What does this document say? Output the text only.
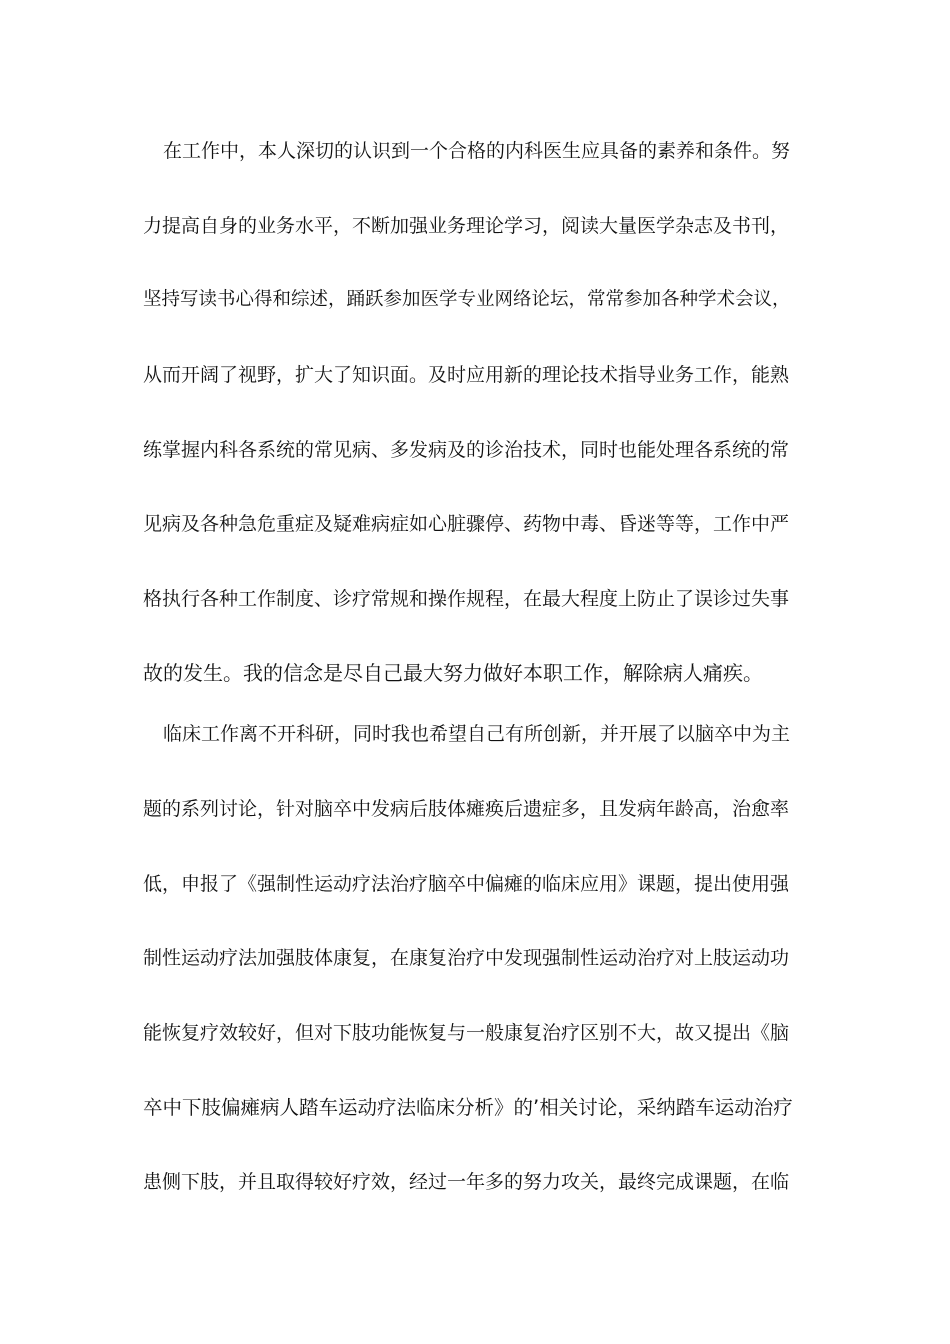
在工作中，本人深切的认识到一个合格的内科医生应具备的素养和条件。努
力提高自身的业务水平，不断加强业务理论学习，阅读大量医学杂志及书刊，
坚持写读书心得和综述，踊跃参加医学专业网络论坛，常常参加各种学术会议，
从而开阔了视野，扩大了知识面。及时应用新的理论技术指导业务工作，能熟
练掌握内科各系统的常见病、多发病及的诊治技术，同时也能处理各系统的常
见病及各种急危重症及疑难病症如心脏骤停、药物中毒、昏迷等等，工作中严
格执行各种工作制度、诊疗常规和操作规程，在最大程度上防止了误诊过失事
故的发生。我的信念是尽自己最大努力做好本职工作，解除病人痛疾。
临床工作离不开科研，同时我也希望自己有所创新，并开展了以脑卒中为主
题的系列讨论，针对脑卒中发病后肢体瘫痪后遗症多，且发病年龄高，治愈率
低，申报了《强制性运动疗法治疗脑卒中偏瘫的临床应用》课题，提出使用强
制性运动疗法加强肢体康复，在康复治疗中发现强制性运动治疗对上肢运动功
能恢复疗效较好，但对下肢功能恢复与一般康复治疗区别不大，故又提出《脑
卒中下肢偏瘫病人踏车运动疗法临床分析》的’相关讨论，采纳踏车运动治疗
患侧下肢，并且取得较好疗效，经过一年多的努力攻关，最终完成课题，在临
